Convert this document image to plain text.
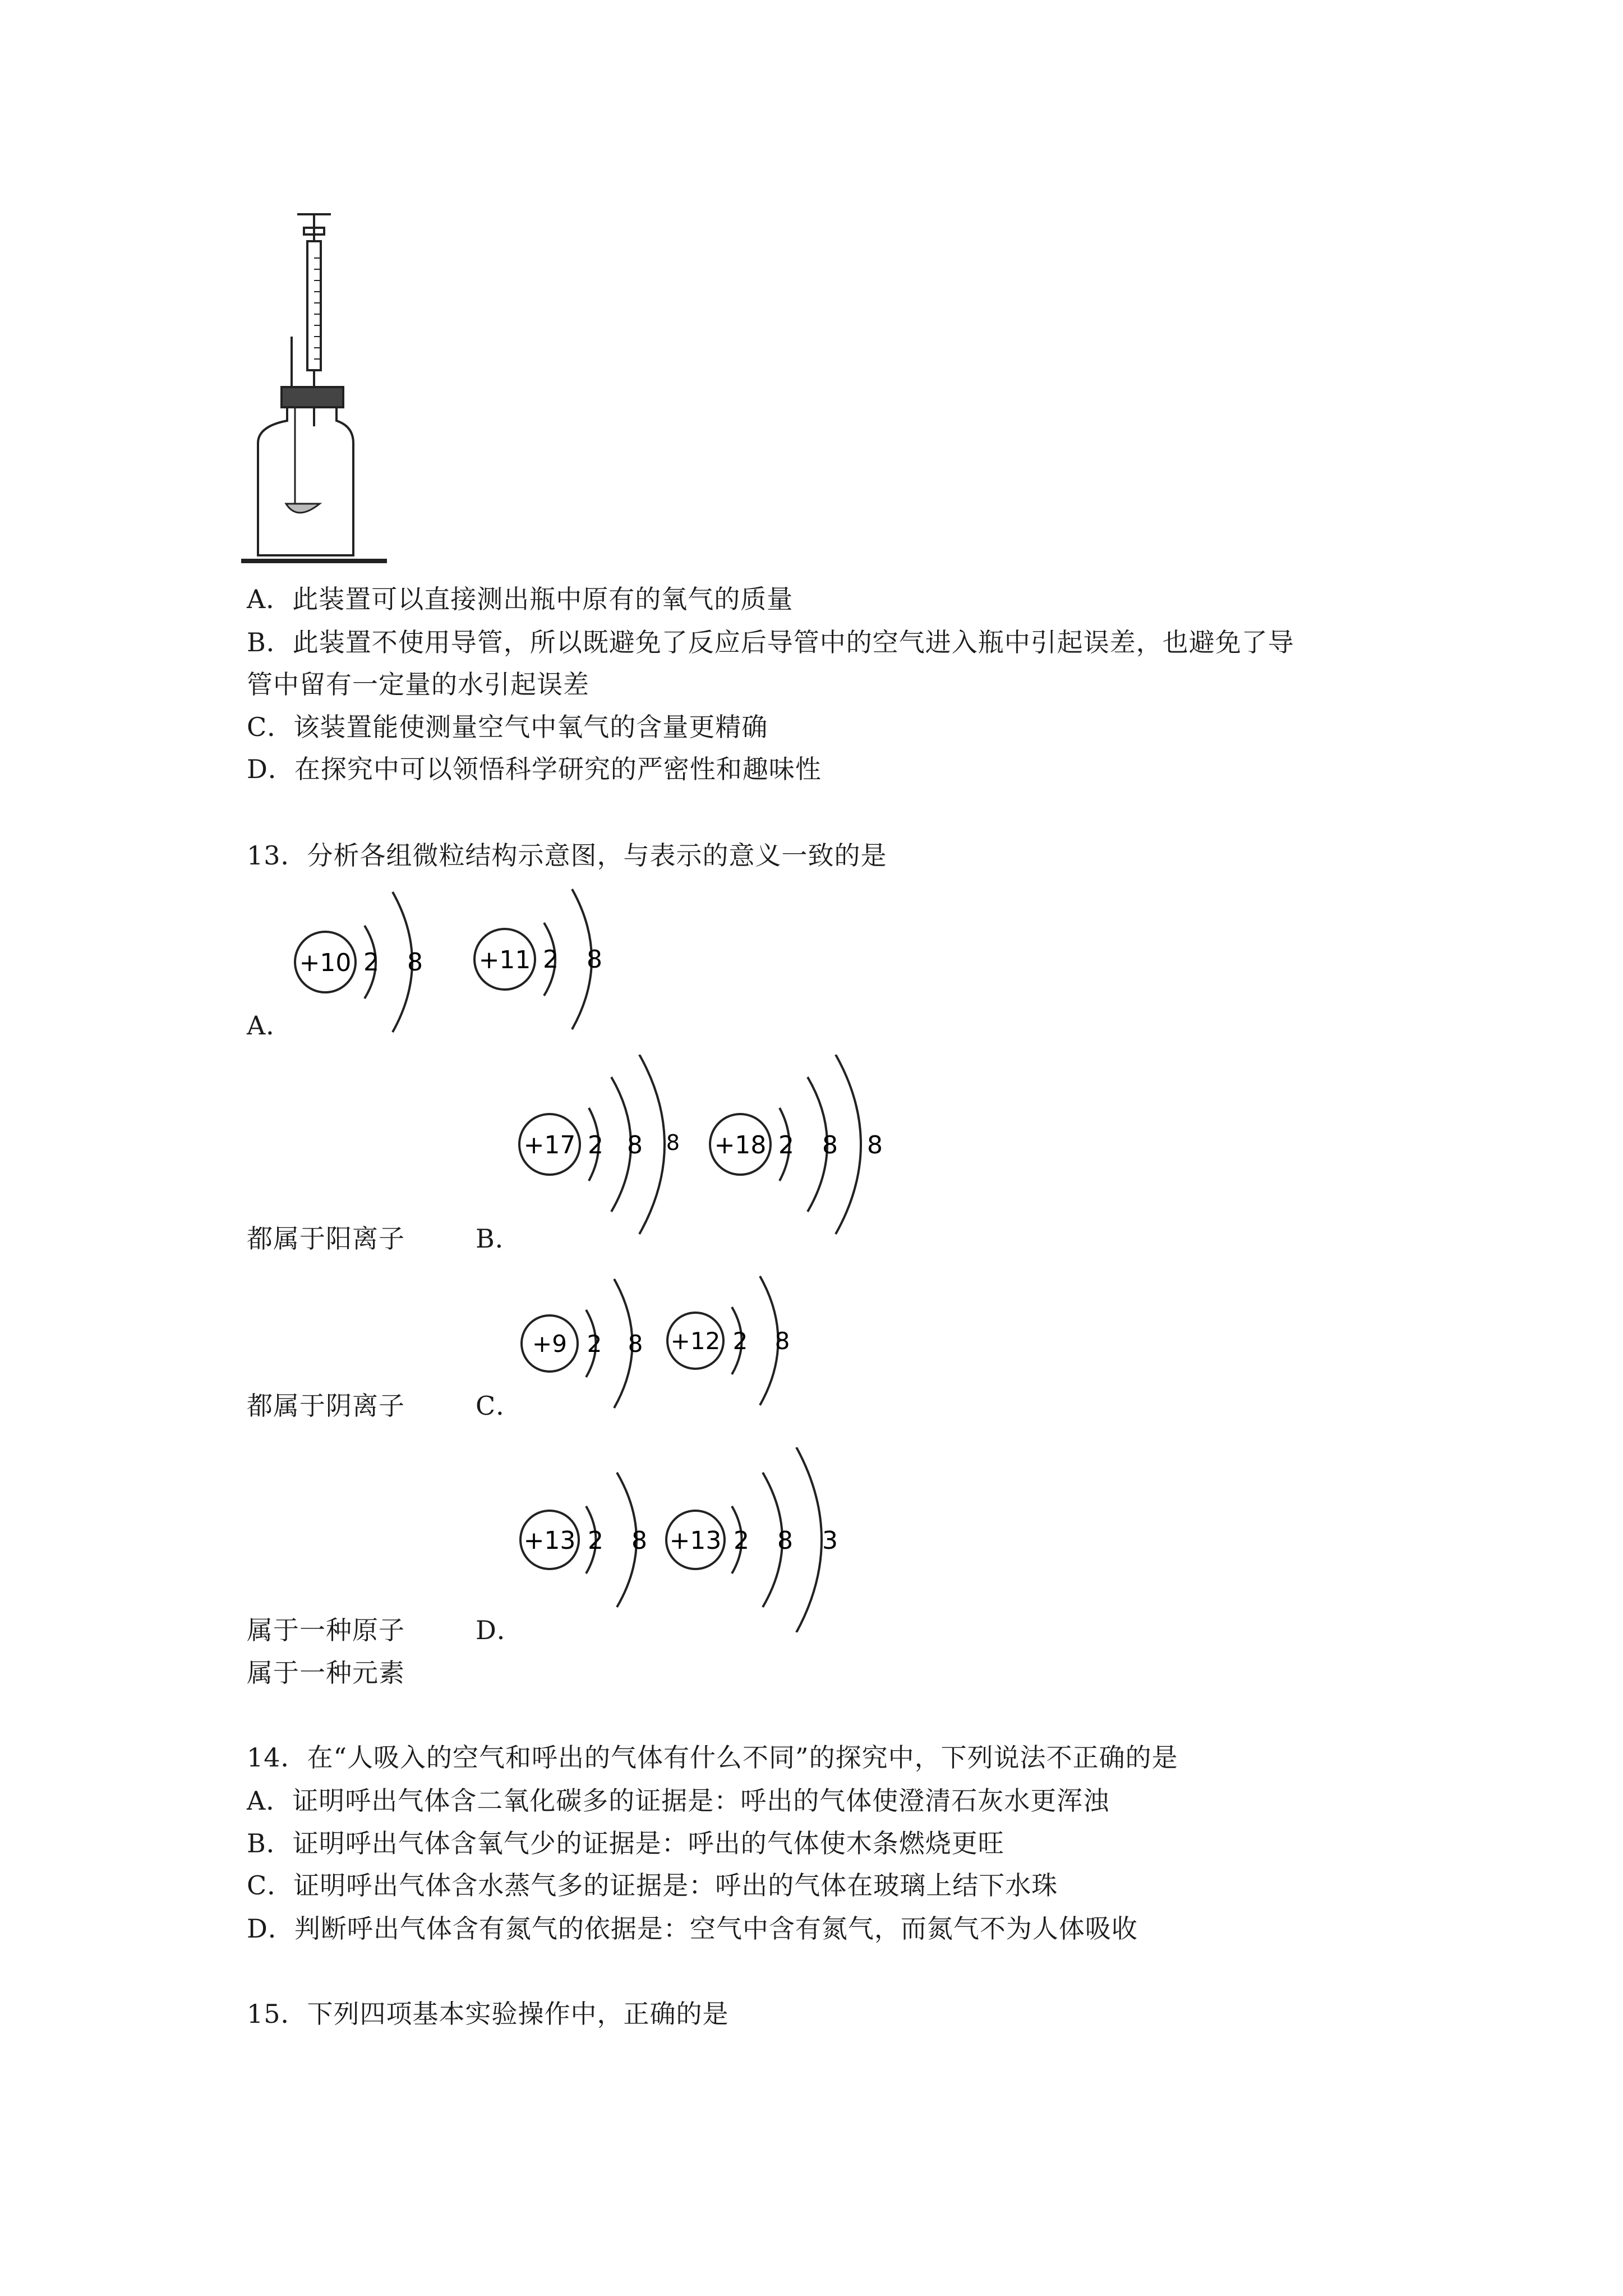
A．此装置可以直接测出瓶中原有的氧气的质量
B．此装置不使用导管，所以既避免了反应后导管中的空气进入瓶中引起误差，也避免了导
管中留有一定量的水引起误差
C．该装置能使测量空气中氧气的含量更精确
D．在探究中可以领悟科学研究的严密性和趣味性
13．分析各组微粒结构示意图，与表示的意义一致的是
+10 2 8 +11 2 8
A．
+17 2 8 8 +18 2 8 8
都属于阳离子	B．
+9 2 8 +12 2 8
都属于阴离子	C．
+13 2 8 +13 2 8 3
属于一种原子	D．
属于一种元素
14．在“人吸入的空气和呼出的气体有什么不同”的探究中，下列说法不正确的是
A．证明呼出气体含二氧化碳多的证据是：呼出的气体使澄清石灰水更浑浊
B．证明呼出气体含氧气少的证据是：呼出的气体使木条燃烧更旺
C．证明呼出气体含水蒸气多的证据是：呼出的气体在玻璃上结下水珠
D．判断呼出气体含有氮气的依据是：空气中含有氮气，而氮气不为人体吸收
15．下列四项基本实验操作中，正确的是
